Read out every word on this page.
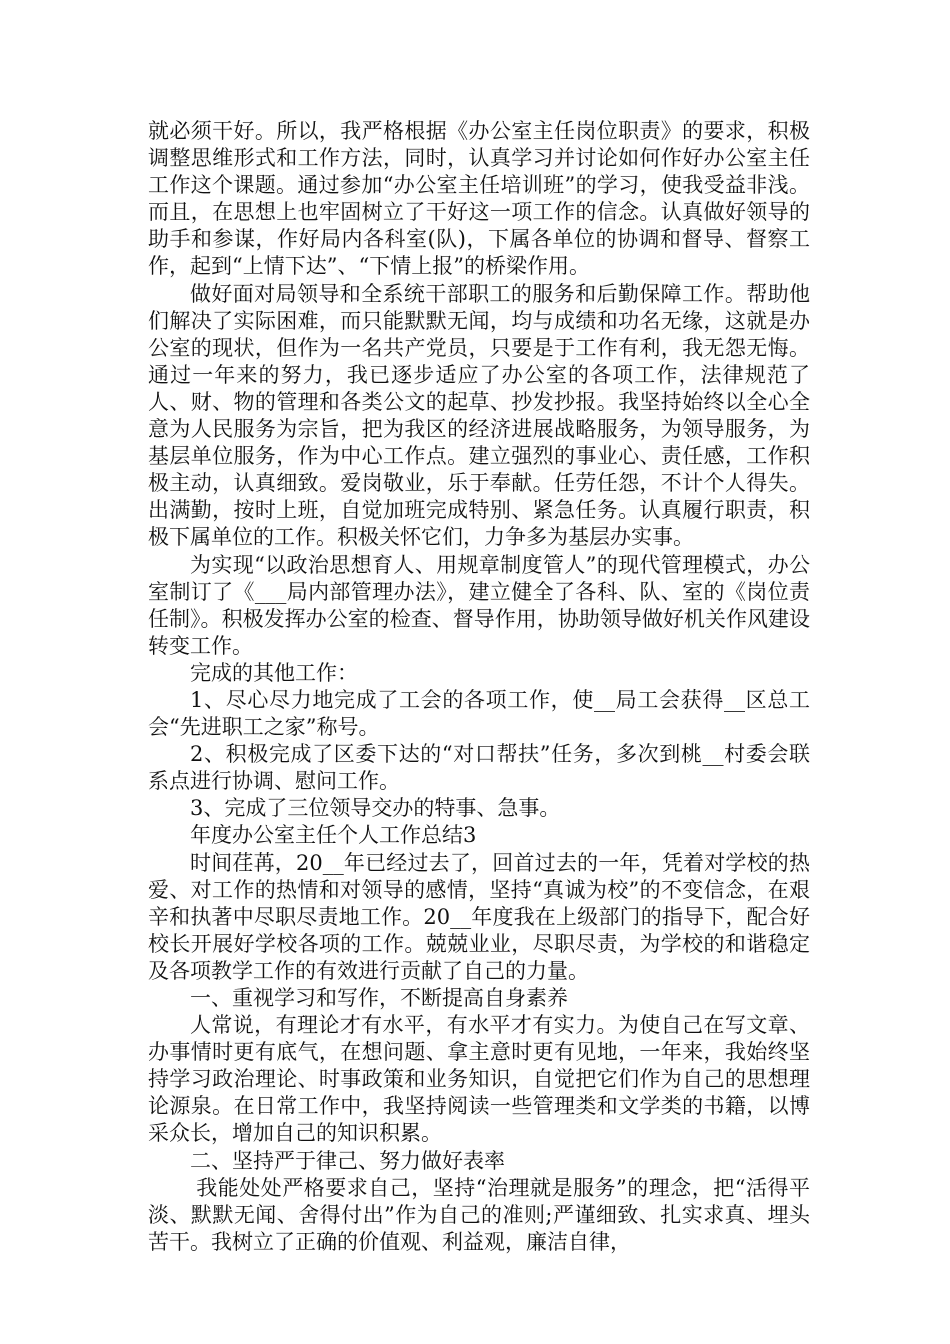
就必须干好。所以，我严格根据《办公室主任岗位职责》的要求，积极调整思维形式和工作方法，同时，认真学习并讨论如何作好办公室主任工作这个课题。通过参加“办公室主任培训班”的学习，使我受益非浅。而且，在思想上也牢固树立了干好这一项工作的信念。认真做好领导的助手和参谋，作好局内各科室(队)，下属各单位的协调和督导、督察工作，起到“上情下达”、“下情上报”的桥梁作用。

做好面对局领导和全系统干部职工的服务和后勤保障工作。帮助他们解决了实际困难，而只能默默无闻，均与成绩和功名无缘，这就是办公室的现状，但作为一名共产党员，只要是于工作有利，我无怨无悔。通过一年来的努力，我已逐步适应了办公室的各项工作，法律规范了人、财、物的管理和各类公文的起草、抄发抄报。我坚持始终以全心全意为人民服务为宗旨，把为我区的经济进展战略服务，为领导服务，为基层单位服务，作为中心工作点。建立强烈的事业心、责任感，工作积极主动，认真细致。爱岗敬业，乐于奉献。任劳任怨，不计个人得失。出满勤，按时上班，自觉加班完成特别、紧急任务。认真履行职责，积极下属单位的工作。积极关怀它们，力争多为基层办实事。

为实现“以政治思想育人、用规章制度管人”的现代管理模式，办公室制订了《___局内部管理办法》，建立健全了各科、队、室的《岗位责任制》。积极发挥办公室的检查、督导作用，协助领导做好机关作风建设转变工作。

完成的其他工作：

1、尽心尽力地完成了工会的各项工作，使__局工会获得__区总工会“先进职工之家”称号。

2、积极完成了区委下达的“对口帮扶”任务，多次到桃__村委会联系点进行协调、慰问工作。

3、完成了三位领导交办的特事、急事。

年度办公室主任个人工作总结3

时间荏苒，20__年已经过去了，回首过去的一年，凭着对学校的热爱、对工作的热情和对领导的感情，坚持“真诚为校”的不变信念，在艰辛和执著中尽职尽责地工作。20__年度我在上级部门的指导下，配合好校长开展好学校各项的工作。兢兢业业，尽职尽责，为学校的和谐稳定及各项教学工作的有效进行贡献了自己的力量。

一、重视学习和写作，不断提高自身素养

人常说，有理论才有水平，有水平才有实力。为使自己在写文章、办事情时更有底气，在想问题、拿主意时更有见地，一年来，我始终坚持学习政治理论、时事政策和业务知识，自觉把它们作为自己的思想理论源泉。在日常工作中，我坚持阅读一些管理类和文学类的书籍，以博采众长，增加自己的知识积累。

二、坚持严于律己、努力做好表率

我能处处严格要求自己，坚持“治理就是服务”的理念，把“活得平淡、默默无闻、舍得付出”作为自己的准则;严谨细致、扎实求真、埋头苦干。我树立了正确的价值观、利益观，廉洁自律，
